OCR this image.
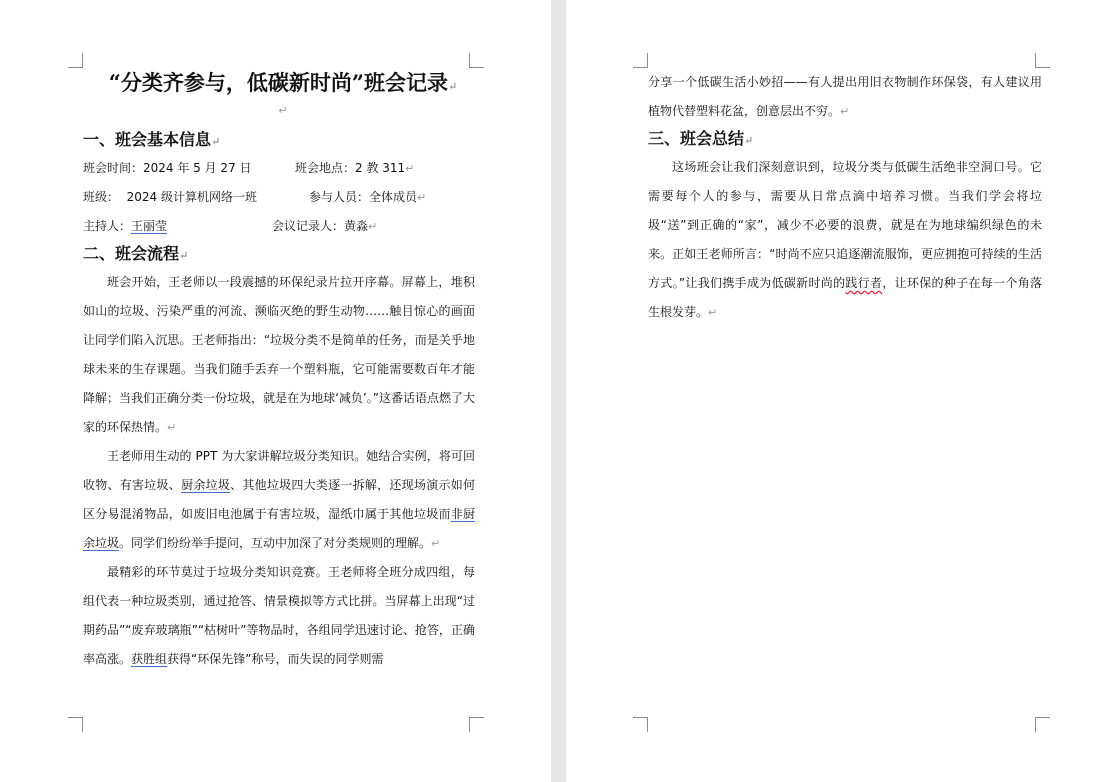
“分类齐参与，低碳新时尚”班会记录↵
↵
一、班会基本信息↵
班会时间：2024 年 5 月 27 日	班会地点：2 教 311↵
班级：  2024 级计算机网络一班	参与人员：全体成员↵
主持人：王丽莹	会议记录人：黄淼↵
二、班会流程↵

班会开始，王老师以一段震撼的环保纪录片拉开序幕。屏幕上，堆积如山的垃圾、污染严重的河流、濒临灭绝的野生动物……触目惊心的画面让同学们陷入沉思。王老师指出：“垃圾分类不是简单的任务，而是关乎地球未来的生存课题。当我们随手丢弃一个塑料瓶，它可能需要数百年才能降解；当我们正确分类一份垃圾，就是在为地球‘减负’。”这番话语点燃了大家的环保热情。↵

王老师用生动的 PPT 为大家讲解垃圾分类知识。她结合实例，将可回收物、有害垃圾、厨余垃圾、其他垃圾四大类逐一拆解，还现场演示如何区分易混淆物品，如废旧电池属于有害垃圾，湿纸巾属于其他垃圾而非厨余垃圾。同学们纷纷举手提问，互动中加深了对分类规则的理解。↵

最精彩的环节莫过于垃圾分类知识竞赛。王老师将全班分成四组，每组代表一种垃圾类别，通过抢答、情景模拟等方式比拼。当屏幕上出现“过期药品”“废弃玻璃瓶”“枯树叶”等物品时，各组同学迅速讨论、抢答，正确率高涨。获胜组获得“环保先锋”称号，而失误的同学则需

分享一个低碳生活小妙招——有人提出用旧衣物制作环保袋，有人建议用植物代替塑料花盆，创意层出不穷。↵

三、班会总结↵

这场班会让我们深刻意识到，垃圾分类与低碳生活绝非空洞口号。它需要每个人的参与，需要从日常点滴中培养习惯。当我们学会将垃圾“送”到正确的“家”，减少不必要的浪费，就是在为地球编织绿色的未来。正如王老师所言：“时尚不应只追逐潮流服饰，更应拥抱可持续的生活方式。”让我们携手成为低碳新时尚的践行者，让环保的种子在每一个角落生根发芽。↵
